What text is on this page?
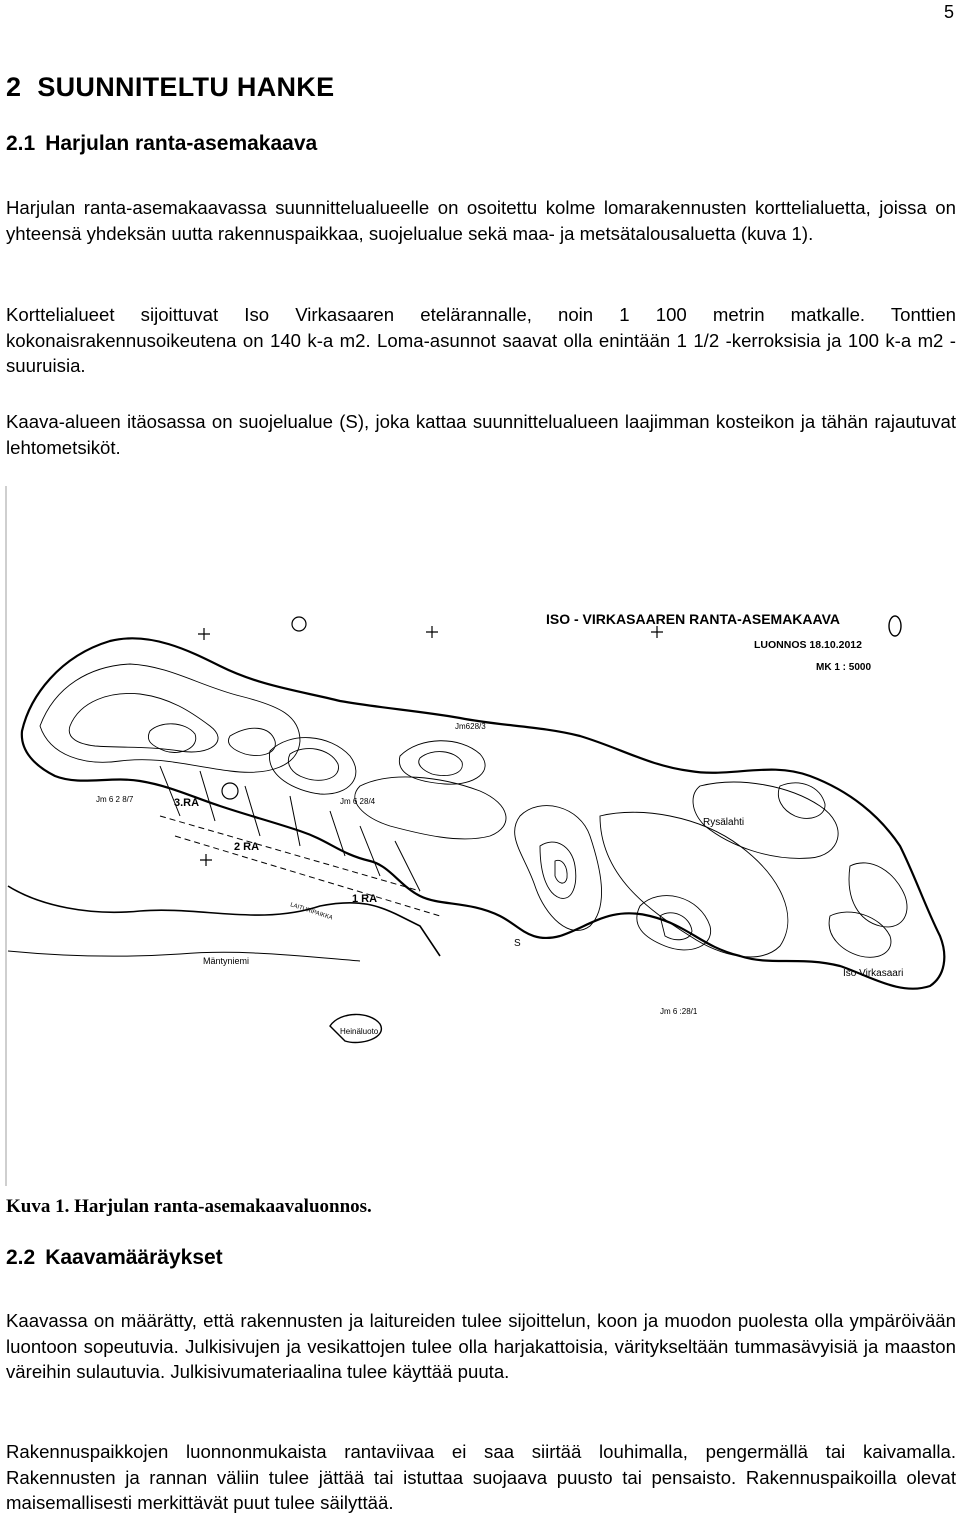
5
2 SUUNNITELTU HANKE
2.1 Harjulan ranta-asemakaava
Harjulan ranta-asemakaavassa suunnittelualueelle on osoitettu kolme lomarakennusten korttelialuetta, joissa on yhteensä yhdeksän uutta rakennuspaikkaa, suojelualue sekä maa- ja metsätalousaluetta (kuva 1).
Korttelialueet sijoittuvat Iso Virkasaaren etelärannalle, noin 1 100 metrin matkalle. Tonttien kokonaisrakennusoikeutena on 140 k-a m2. Loma-asunnot saavat olla enintään 1 1/2 -kerroksisia ja 100 k-a m2 -suuruisia.
Kaava-alueen itäosassa on suojelualue (S), joka kattaa suunnittelualueen laajimman kosteikon ja tähän rajautuvat lehtometsiköt.
ISO - VIRKASAAREN RANTA-ASEMAKAAVA
LUONNOS 18.10.2012
MK 1 : 5000
3.RA
2 RA
1 RA
Rysälahti
Iso Virkasaari
Mäntyniemi
Heinäluoto
Jm628/3
Jm 6 28/4
Jm 6 2 8/7
Jm 6 :28/1
S
LAITURIPAIKKA
Kuva 1. Harjulan ranta-asemakaavaluonnos.
2.2 Kaavamääräykset
Kaavassa on määrätty, että rakennusten ja laitureiden tulee sijoittelun, koon ja muodon puolesta olla ympäröivään luontoon sopeutuvia. Julkisivujen ja vesikattojen tulee olla harjakattoisia, väritykseltään tummasävyisiä ja maaston väreihin sulautuvia. Julkisivumateriaalina tulee käyttää puuta.
Rakennuspaikkojen luonnonmukaista rantaviivaa ei saa siirtää louhimalla, pengermällä tai kaivamalla. Rakennusten ja rannan väliin tulee jättää tai istuttaa suojaava puusto tai pensaisto. Rakennuspaikoilla olevat maisemallisesti merkittävät puut tulee säilyttää.
